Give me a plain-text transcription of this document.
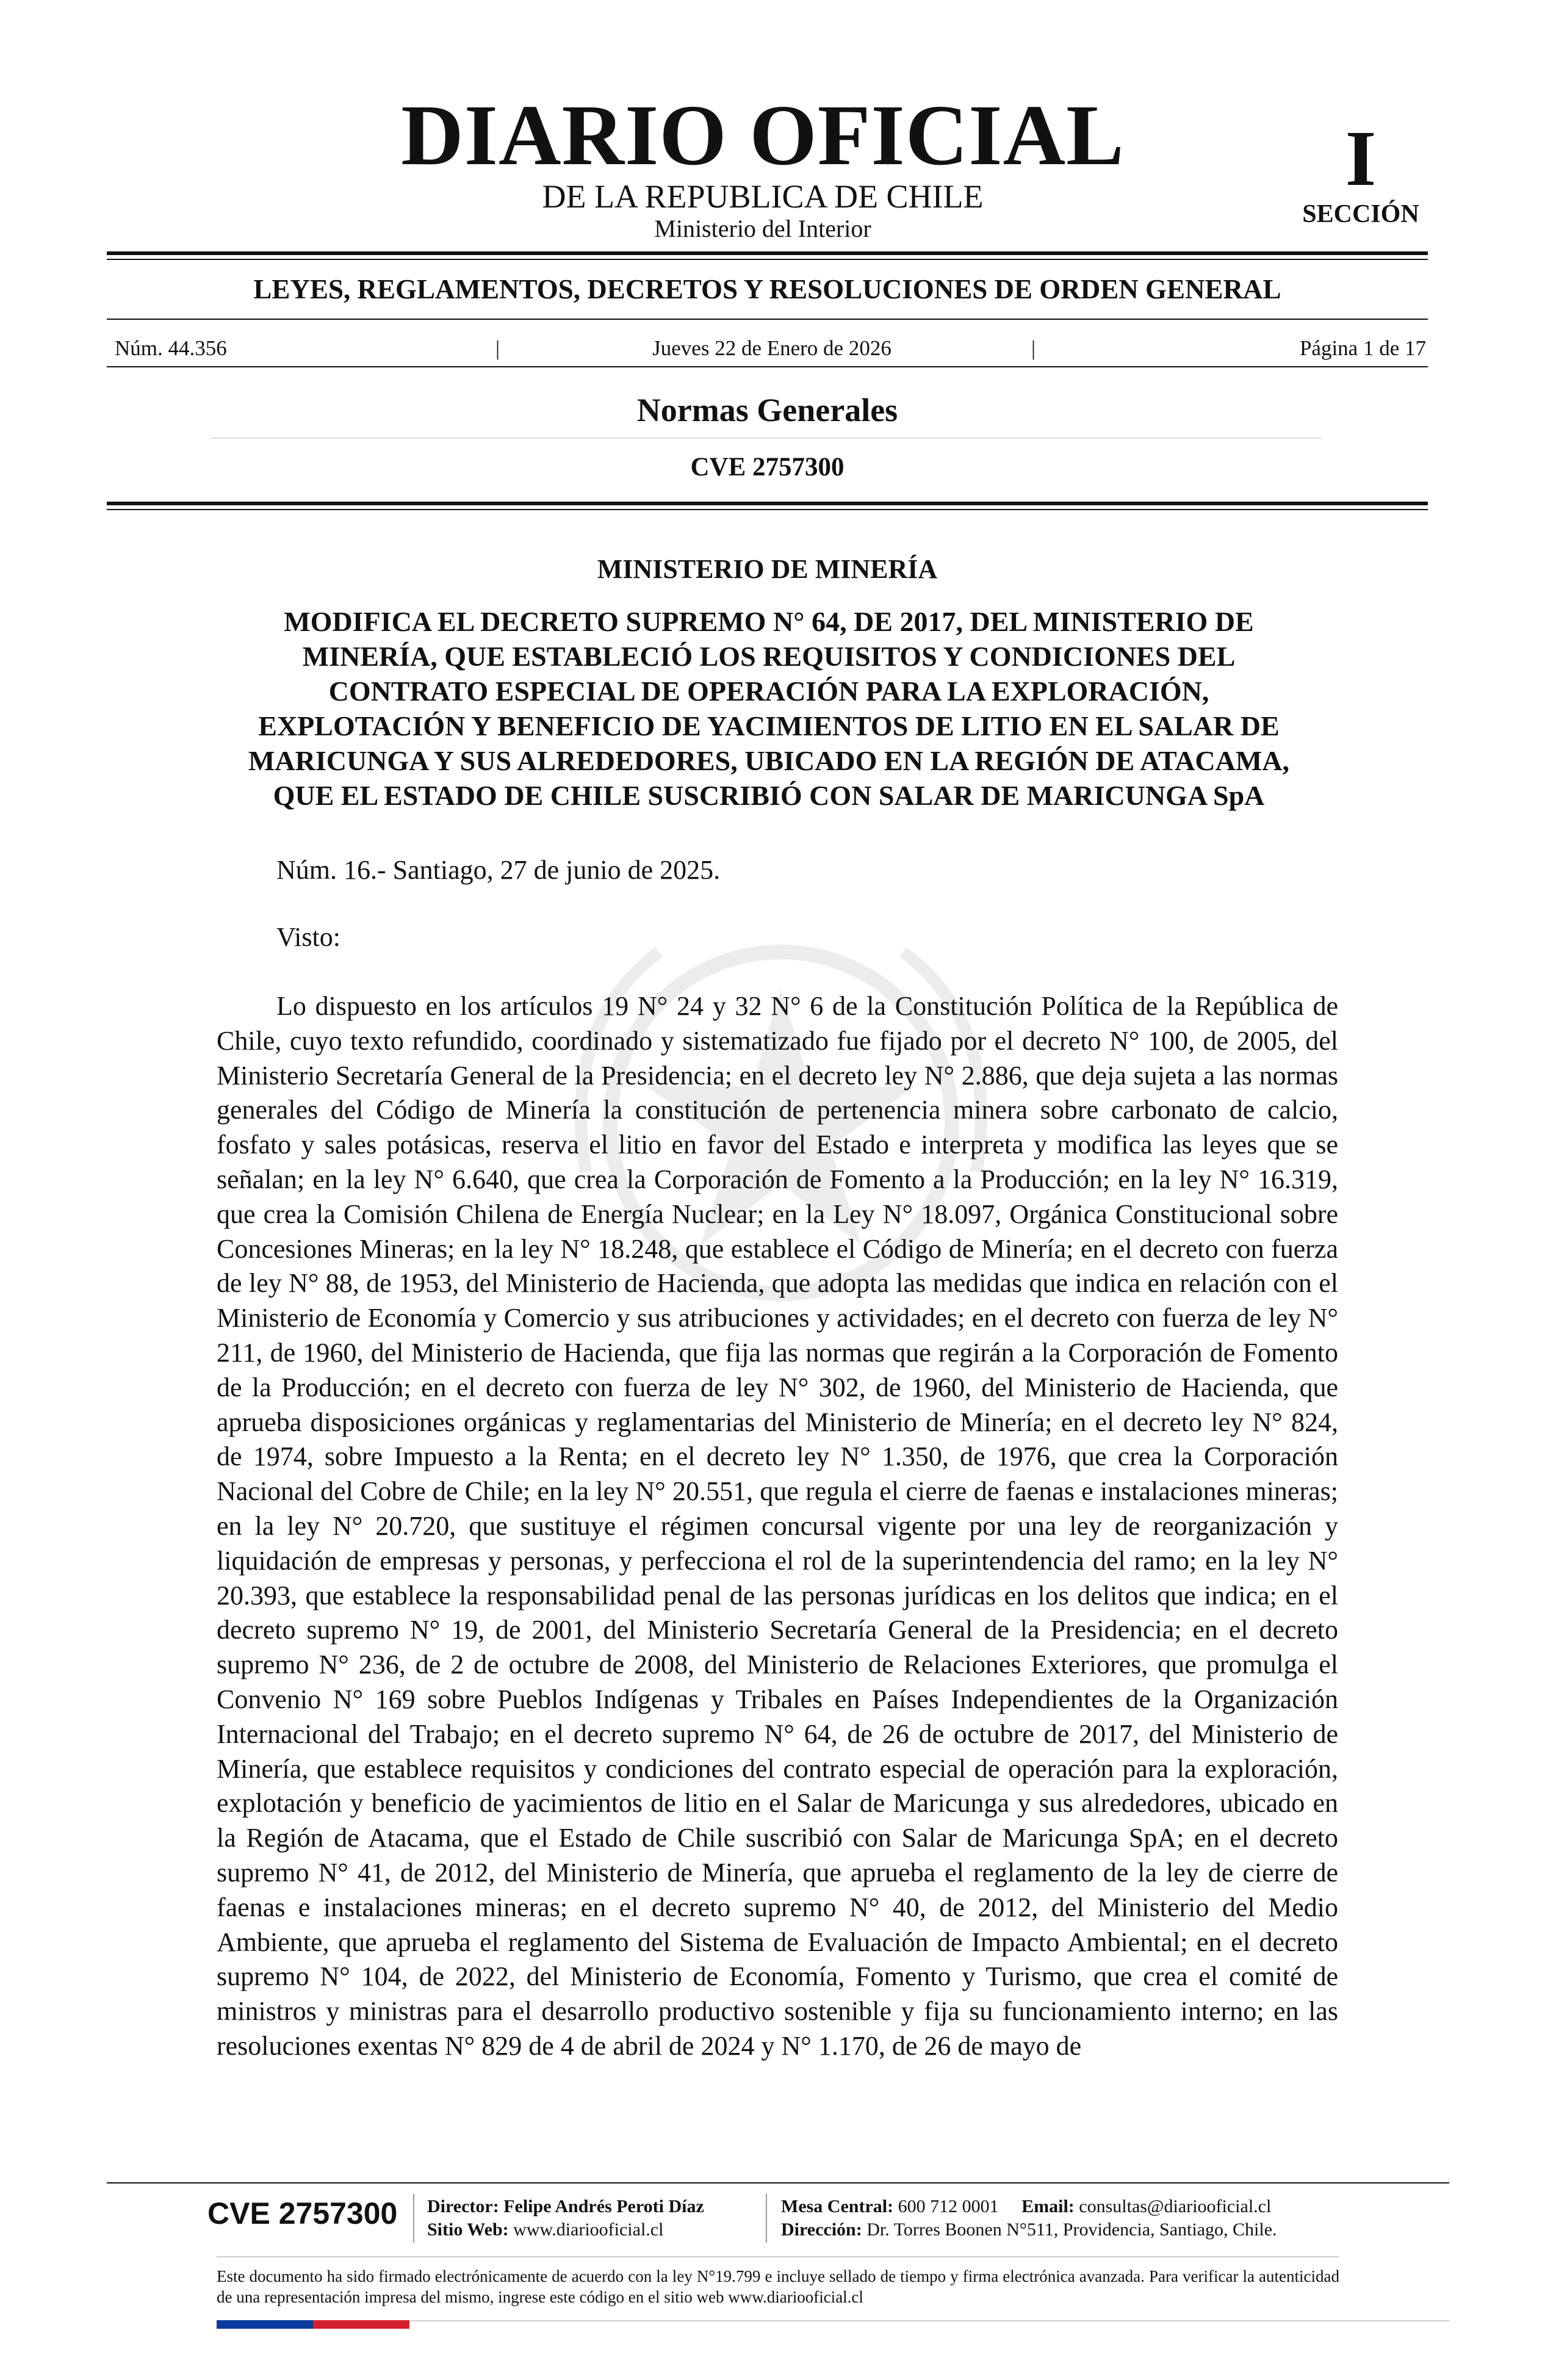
DIARIO OFICIAL
DE LA REPUBLICA DE CHILE
Ministerio del Interior
I
SECCIÓN
LEYES, REGLAMENTOS, DECRETOS Y RESOLUCIONES DE ORDEN GENERAL
Núm. 44.356	|	Jueves 22 de Enero de 2026	|	Página 1 de 17
Normas Generales
CVE 2757300
MINISTERIO DE MINERÍA
MODIFICA EL DECRETO SUPREMO N° 64, DE 2017, DEL MINISTERIO DE
MINERÍA, QUE ESTABLECIÓ LOS REQUISITOS Y CONDICIONES DEL
CONTRATO ESPECIAL DE OPERACIÓN PARA LA EXPLORACIÓN,
EXPLOTACIÓN Y BENEFICIO DE YACIMIENTOS DE LITIO EN EL SALAR DE
MARICUNGA Y SUS ALREDEDORES, UBICADO EN LA REGIÓN DE ATACAMA,
QUE EL ESTADO DE CHILE SUSCRIBIÓ CON SALAR DE MARICUNGA SpA
Núm. 16.- Santiago, 27 de junio de 2025.
Visto:

Lo dispuesto en los artículos 19 N° 24 y 32 N° 6 de la Constitución Política de la República de Chile, cuyo texto refundido, coordinado y sistematizado fue fijado por el decreto N° 100, de 2005, del Ministerio Secretaría General de la Presidencia; en el decreto ley N° 2.886, que deja sujeta a las normas generales del Código de Minería la constitución de pertenencia minera sobre carbonato de calcio, fosfato y sales potásicas, reserva el litio en favor del Estado e interpreta y modifica las leyes que se señalan; en la ley N° 6.640, que crea la Corporación de Fomento a la Producción; en la ley N° 16.319, que crea la Comisión Chilena de Energía Nuclear; en la Ley N° 18.097, Orgánica Constitucional sobre Concesiones Mineras; en la ley N° 18.248, que establece el Código de Minería; en el decreto con fuerza de ley N° 88, de 1953, del Ministerio de Hacienda, que adopta las medidas que indica en relación con el Ministerio de Economía y Comercio y sus atribuciones y actividades; en el decreto con fuerza de ley N° 211, de 1960, del Ministerio de Hacienda, que fija las normas que regirán a la Corporación de Fomento de la Producción; en el decreto con fuerza de ley N° 302, de 1960, del Ministerio de Hacienda, que aprueba disposiciones orgánicas y reglamentarias del Ministerio de Minería; en el decreto ley N° 824, de 1974, sobre Impuesto a la Renta; en el decreto ley N° 1.350, de 1976, que crea la Corporación Nacional del Cobre de Chile; en la ley N° 20.551, que regula el cierre de faenas e instalaciones mineras; en la ley N° 20.720, que sustituye el régimen concursal vigente por una ley de reorganización y liquidación de empresas y personas, y perfecciona el rol de la superintendencia del ramo; en la ley N° 20.393, que establece la responsabilidad penal de las personas jurídicas en los delitos que indica; en el decreto supremo N° 19, de 2001, del Ministerio Secretaría General de la Presidencia; en el decreto supremo N° 236, de 2 de octubre de 2008, del Ministerio de Relaciones Exteriores, que promulga el Convenio N° 169 sobre Pueblos Indígenas y Tribales en Países Independientes de la Organización Internacional del Trabajo; en el decreto supremo N° 64, de 26 de octubre de 2017, del Ministerio de Minería, que establece requisitos y condiciones del contrato especial de operación para la exploración, explotación y beneficio de yacimientos de litio en el Salar de Maricunga y sus alrededores, ubicado en la Región de Atacama, que el Estado de Chile suscribió con Salar de Maricunga SpA; en el decreto supremo N° 41, de 2012, del Ministerio de Minería, que aprueba el reglamento de la ley de cierre de faenas e instalaciones mineras; en el decreto supremo N° 40, de 2012, del Ministerio del Medio Ambiente, que aprueba el reglamento del Sistema de Evaluación de Impacto Ambiental; en el decreto supremo N° 104, de 2022, del Ministerio de Economía, Fomento y Turismo, que crea el comité de ministros y ministras para el desarrollo productivo sostenible y fija su funcionamiento interno; en las resoluciones exentas N° 829 de 4 de abril de 2024 y N° 1.170, de 26 de mayo de

CVE 2757300 Director: Felipe Andrés Peroti Díaz
Sitio Web: www.diariooficial.cl
Mesa Central: 600 712 0001 Email: consultas@diariooficial.cl
Dirección: Dr. Torres Boonen N°511, Providencia, Santiago, Chile.

Este documento ha sido firmado electrónicamente de acuerdo con la ley N°19.799 e incluye sellado de tiempo y firma electrónica avanzada. Para verificar la autenticidad de una representación impresa del mismo, ingrese este código en el sitio web www.diariooficial.cl
